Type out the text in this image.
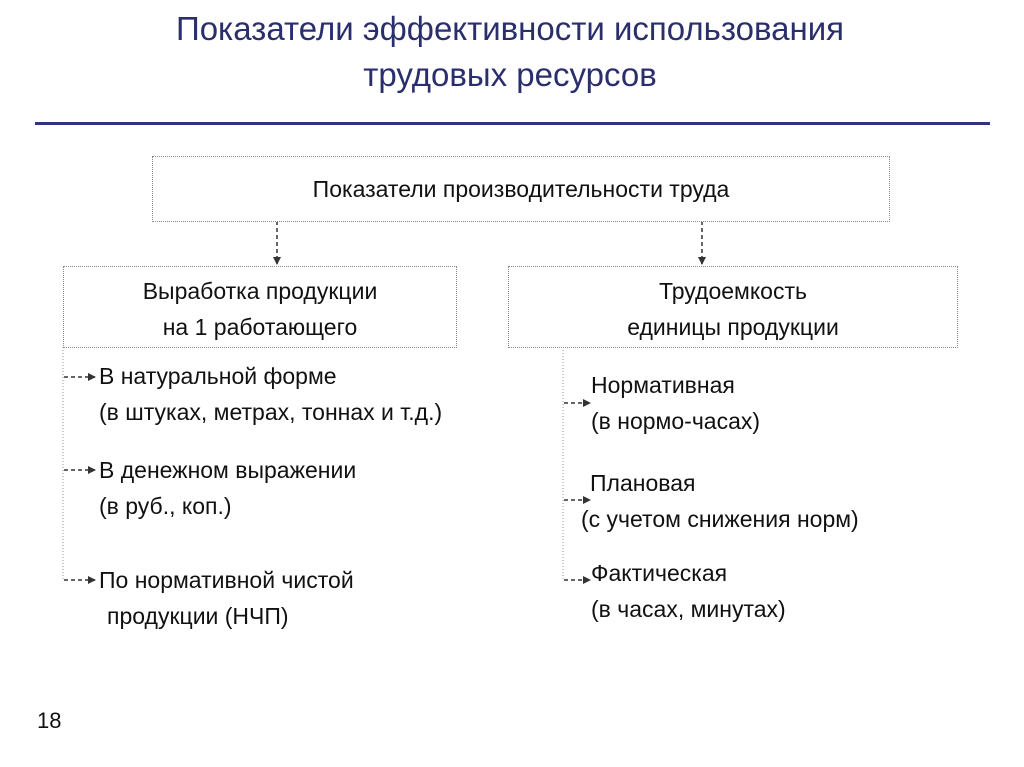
Показатели эффективности использования
трудовых ресурсов
Показатели производительности труда
Выработка продукции
на 1 работающего
Трудоемкость
единицы продукции
В натуральной форме
(в штуках, метрах, тоннах и т.д.)
В денежном выражении
(в руб., коп.)
По нормативной чистой
продукции (НЧП)
Нормативная
(в нормо-часах)
Плановая
(с учетом снижения норм)
Фактическая
(в часах, минутах)
18
